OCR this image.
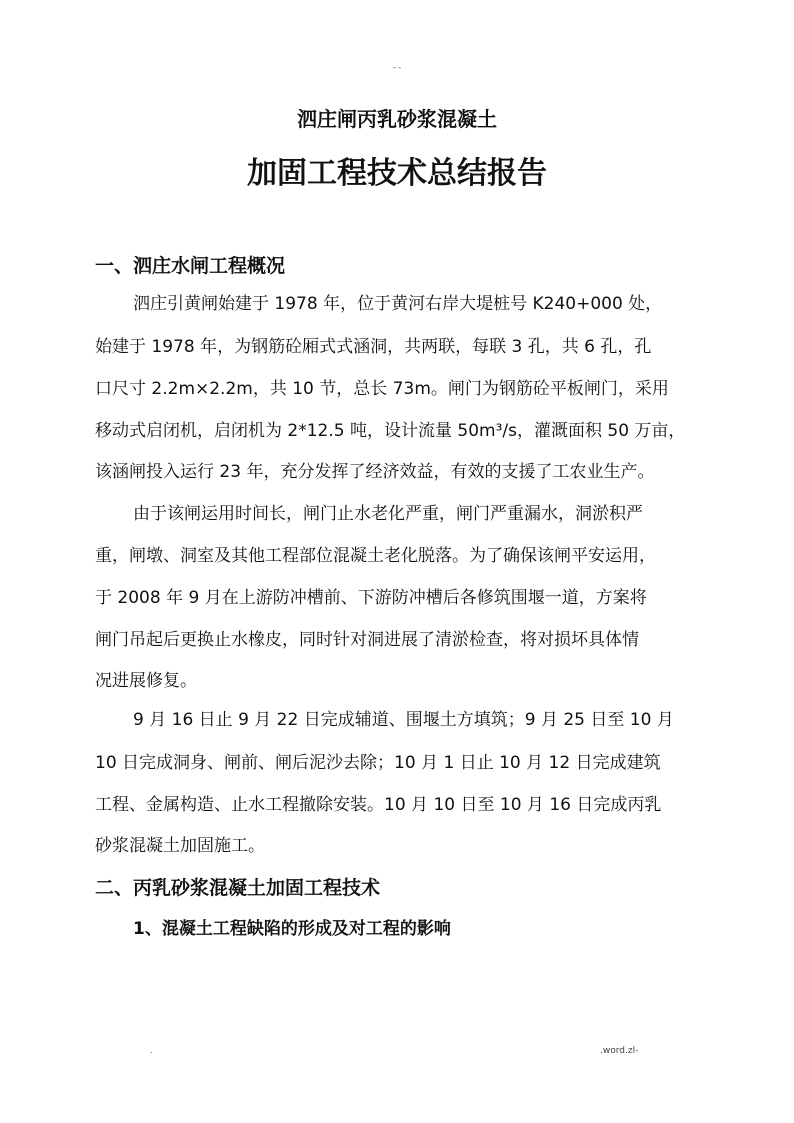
- -
泗庄闸丙乳砂浆混凝土
加固工程技术总结报告
一、泗庄水闸工程概况
泗庄引黄闸始建于 1978 年，位于黄河右岸大堤桩号 K240+000 处，
始建于 1978 年，为钢筋砼厢式式涵洞，共两联，每联 3 孔，共 6 孔，孔
口尺寸 2.2m×2.2m，共 10 节，总长 73m。闸门为钢筋砼平板闸门，采用
移动式启闭机，启闭机为 2*12.5 吨，设计流量 50m³/s，灌溉面积 50 万亩，
该涵闸投入运行 23 年，充分发挥了经济效益，有效的支援了工农业生产。
由于该闸运用时间长，闸门止水老化严重，闸门严重漏水，洞淤积严
重，闸墩、洞室及其他工程部位混凝土老化脱落。为了确保该闸平安运用，
于 2008 年 9 月在上游防冲槽前、下游防冲槽后各修筑围堰一道，方案将
闸门吊起后更换止水橡皮，同时针对洞进展了清淤检查，将对损坏具体情
况进展修复。
9 月 16 日止 9 月 22 日完成辅道、围堰土方填筑；9 月 25 日至 10 月
10 日完成洞身、闸前、闸后泥沙去除；10 月 1 日止 10 月 12 日完成建筑
工程、金属构造、止水工程撤除安装。10 月 10 日至 10 月 16 日完成丙乳
砂浆混凝土加固施工。
二、丙乳砂浆混凝土加固工程技术
1、混凝土工程缺陷的形成及对工程的影响
.	.word.zl-
